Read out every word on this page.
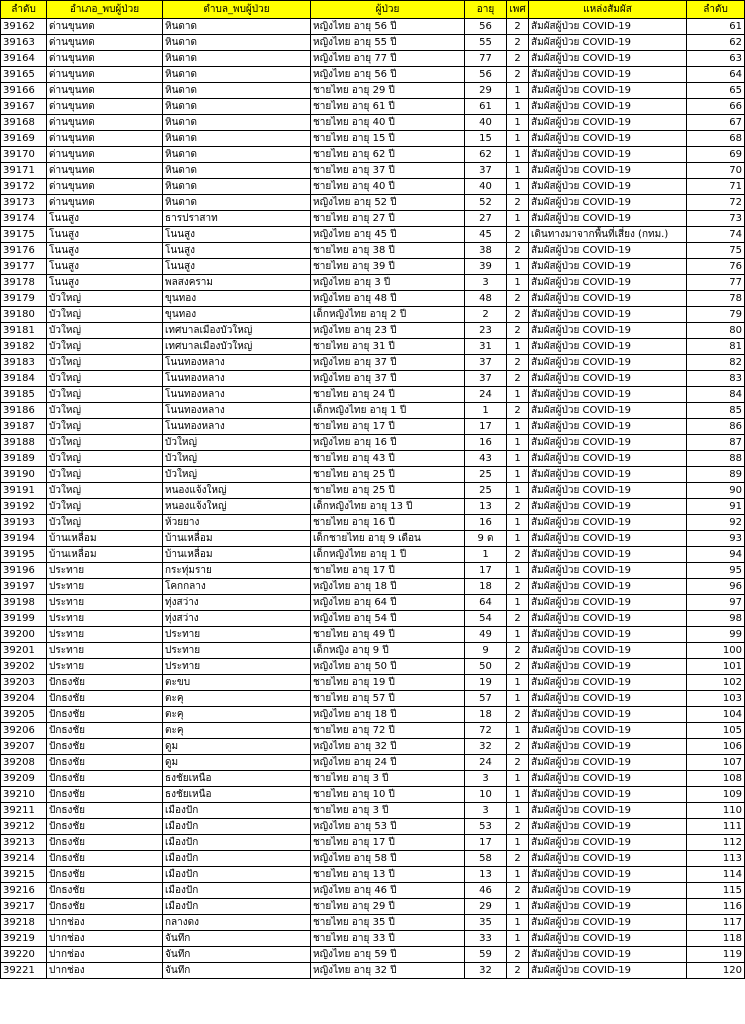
ลำดับ	อำเภอ_พบผู้ป่วย	ตำบล_พบผู้ป่วย	ผู้ป่วย	อายุ	เพศ	แหล่งสัมผัส	ลำดับ
39162	ด่านขุนทด	หินดาด	หญิงไทย อายุ 56 ปี	56	2	สัมผัสผู้ป่วย COVID-19	61
39163	ด่านขุนทด	หินดาด	หญิงไทย อายุ 55 ปี	55	2	สัมผัสผู้ป่วย COVID-19	62
39164	ด่านขุนทด	หินดาด	หญิงไทย อายุ 77 ปี	77	2	สัมผัสผู้ป่วย COVID-19	63
39165	ด่านขุนทด	หินดาด	หญิงไทย อายุ 56 ปี	56	2	สัมผัสผู้ป่วย COVID-19	64
39166	ด่านขุนทด	หินดาด	ชายไทย อายุ 29 ปี	29	1	สัมผัสผู้ป่วย COVID-19	65
39167	ด่านขุนทด	หินดาด	ชายไทย อายุ 61 ปี	61	1	สัมผัสผู้ป่วย COVID-19	66
39168	ด่านขุนทด	หินดาด	ชายไทย อายุ 40 ปี	40	1	สัมผัสผู้ป่วย COVID-19	67
39169	ด่านขุนทด	หินดาด	ชายไทย อายุ 15 ปี	15	1	สัมผัสผู้ป่วย COVID-19	68
39170	ด่านขุนทด	หินดาด	ชายไทย อายุ 62 ปี	62	1	สัมผัสผู้ป่วย COVID-19	69
39171	ด่านขุนทด	หินดาด	ชายไทย อายุ 37 ปี	37	1	สัมผัสผู้ป่วย COVID-19	70
39172	ด่านขุนทด	หินดาด	ชายไทย อายุ 40 ปี	40	1	สัมผัสผู้ป่วย COVID-19	71
39173	ด่านขุนทด	หินดาด	หญิงไทย อายุ 52 ปี	52	2	สัมผัสผู้ป่วย COVID-19	72
39174	โนนสูง	ธารปราสาท	ชายไทย อายุ 27 ปี	27	1	สัมผัสผู้ป่วย COVID-19	73
39175	โนนสูง	โนนสูง	หญิงไทย อายุ 45 ปี	45	2	เดินทางมาจากพื้นที่เสี่ยง (กทม.)	74
39176	โนนสูง	โนนสูง	ชายไทย อายุ 38 ปี	38	2	สัมผัสผู้ป่วย COVID-19	75
39177	โนนสูง	โนนสูง	ชายไทย อายุ 39 ปี	39	1	สัมผัสผู้ป่วย COVID-19	76
39178	โนนสูง	พลสงคราม	หญิงไทย อายุ 3 ปี	3	1	สัมผัสผู้ป่วย COVID-19	77
39179	บัวใหญ่	ขุนทอง	หญิงไทย อายุ 48 ปี	48	2	สัมผัสผู้ป่วย COVID-19	78
39180	บัวใหญ่	ขุนทอง	เด็กหญิงไทย อายุ 2 ปี	2	2	สัมผัสผู้ป่วย COVID-19	79
39181	บัวใหญ่	เทศบาลเมืองบัวใหญ่	หญิงไทย อายุ 23 ปี	23	2	สัมผัสผู้ป่วย COVID-19	80
39182	บัวใหญ่	เทศบาลเมืองบัวใหญ่	ชายไทย อายุ 31 ปี	31	1	สัมผัสผู้ป่วย COVID-19	81
39183	บัวใหญ่	โนนทองหลาง	หญิงไทย อายุ 37 ปี	37	2	สัมผัสผู้ป่วย COVID-19	82
39184	บัวใหญ่	โนนทองหลาง	หญิงไทย อายุ 37 ปี	37	2	สัมผัสผู้ป่วย COVID-19	83
39185	บัวใหญ่	โนนทองหลาง	ชายไทย อายุ 24 ปี	24	1	สัมผัสผู้ป่วย COVID-19	84
39186	บัวใหญ่	โนนทองหลาง	เด็กหญิงไทย อายุ 1 ปี	1	2	สัมผัสผู้ป่วย COVID-19	85
39187	บัวใหญ่	โนนทองหลาง	ชายไทย อายุ 17 ปี	17	1	สัมผัสผู้ป่วย COVID-19	86
39188	บัวใหญ่	บัวใหญ่	หญิงไทย อายุ 16 ปี	16	1	สัมผัสผู้ป่วย COVID-19	87
39189	บัวใหญ่	บัวใหญ่	ชายไทย อายุ 43 ปี	43	1	สัมผัสผู้ป่วย COVID-19	88
39190	บัวใหญ่	บัวใหญ่	ชายไทย อายุ 25 ปี	25	1	สัมผัสผู้ป่วย COVID-19	89
39191	บัวใหญ่	หนองแจ้งใหญ่	ชายไทย อายุ 25 ปี	25	1	สัมผัสผู้ป่วย COVID-19	90
39192	บัวใหญ่	หนองแจ้งใหญ่	เด็กหญิงไทย อายุ 13 ปี	13	2	สัมผัสผู้ป่วย COVID-19	91
39193	บัวใหญ่	ห้วยยาง	ชายไทย อายุ 16 ปี	16	1	สัมผัสผู้ป่วย COVID-19	92
39194	บ้านเหลื่อม	บ้านเหลื่อม	เด็กชายไทย อายุ 9 เดือน	9 ด	1	สัมผัสผู้ป่วย COVID-19	93
39195	บ้านเหลื่อม	บ้านเหลื่อม	เด็กหญิงไทย อายุ 1 ปี	1	2	สัมผัสผู้ป่วย COVID-19	94
39196	ประทาย	กระทุ่มราย	ชายไทย อายุ 17 ปี	17	1	สัมผัสผู้ป่วย COVID-19	95
39197	ประทาย	โคกกลาง	หญิงไทย อายุ 18 ปี	18	2	สัมผัสผู้ป่วย COVID-19	96
39198	ประทาย	ทุ่งสว่าง	หญิงไทย อายุ 64 ปี	64	1	สัมผัสผู้ป่วย COVID-19	97
39199	ประทาย	ทุ่งสว่าง	หญิงไทย อายุ 54 ปี	54	2	สัมผัสผู้ป่วย COVID-19	98
39200	ประทาย	ประทาย	ชายไทย อายุ 49 ปี	49	1	สัมผัสผู้ป่วย COVID-19	99
39201	ประทาย	ประทาย	เด็กหญิง อายุ 9 ปี	9	2	สัมผัสผู้ป่วย COVID-19	100
39202	ประทาย	ประทาย	หญิงไทย อายุ 50 ปี	50	2	สัมผัสผู้ป่วย COVID-19	101
39203	ปักธงชัย	ตะขบ	ชายไทย อายุ 19 ปี	19	1	สัมผัสผู้ป่วย COVID-19	102
39204	ปักธงชัย	ตะคุ	ชายไทย อายุ 57 ปี	57	1	สัมผัสผู้ป่วย COVID-19	103
39205	ปักธงชัย	ตะคุ	หญิงไทย อายุ 18 ปี	18	2	สัมผัสผู้ป่วย COVID-19	104
39206	ปักธงชัย	ตะคุ	ชายไทย อายุ 72 ปี	72	1	สัมผัสผู้ป่วย COVID-19	105
39207	ปักธงชัย	ดูม	หญิงไทย อายุ 32 ปี	32	2	สัมผัสผู้ป่วย COVID-19	106
39208	ปักธงชัย	ดูม	หญิงไทย อายุ 24 ปี	24	2	สัมผัสผู้ป่วย COVID-19	107
39209	ปักธงชัย	ธงชัยเหนือ	ชายไทย อายุ 3 ปี	3	1	สัมผัสผู้ป่วย COVID-19	108
39210	ปักธงชัย	ธงชัยเหนือ	ชายไทย อายุ 10 ปี	10	1	สัมผัสผู้ป่วย COVID-19	109
39211	ปักธงชัย	เมืองปัก	ชายไทย อายุ 3 ปี	3	1	สัมผัสผู้ป่วย COVID-19	110
39212	ปักธงชัย	เมืองปัก	หญิงไทย อายุ 53 ปี	53	2	สัมผัสผู้ป่วย COVID-19	111
39213	ปักธงชัย	เมืองปัก	ชายไทย อายุ 17 ปี	17	1	สัมผัสผู้ป่วย COVID-19	112
39214	ปักธงชัย	เมืองปัก	หญิงไทย อายุ 58 ปี	58	2	สัมผัสผู้ป่วย COVID-19	113
39215	ปักธงชัย	เมืองปัก	ชายไทย อายุ 13 ปี	13	1	สัมผัสผู้ป่วย COVID-19	114
39216	ปักธงชัย	เมืองปัก	หญิงไทย อายุ 46 ปี	46	2	สัมผัสผู้ป่วย COVID-19	115
39217	ปักธงชัย	เมืองปัก	ชายไทย อายุ 29 ปี	29	1	สัมผัสผู้ป่วย COVID-19	116
39218	ปากช่อง	กลางดง	ชายไทย อายุ 35 ปี	35	1	สัมผัสผู้ป่วย COVID-19	117
39219	ปากช่อง	จันทึก	ชายไทย อายุ 33 ปี	33	1	สัมผัสผู้ป่วย COVID-19	118
39220	ปากช่อง	จันทึก	หญิงไทย อายุ 59 ปี	59	2	สัมผัสผู้ป่วย COVID-19	119
39221	ปากช่อง	จันทึก	หญิงไทย อายุ 32 ปี	32	2	สัมผัสผู้ป่วย COVID-19	120
